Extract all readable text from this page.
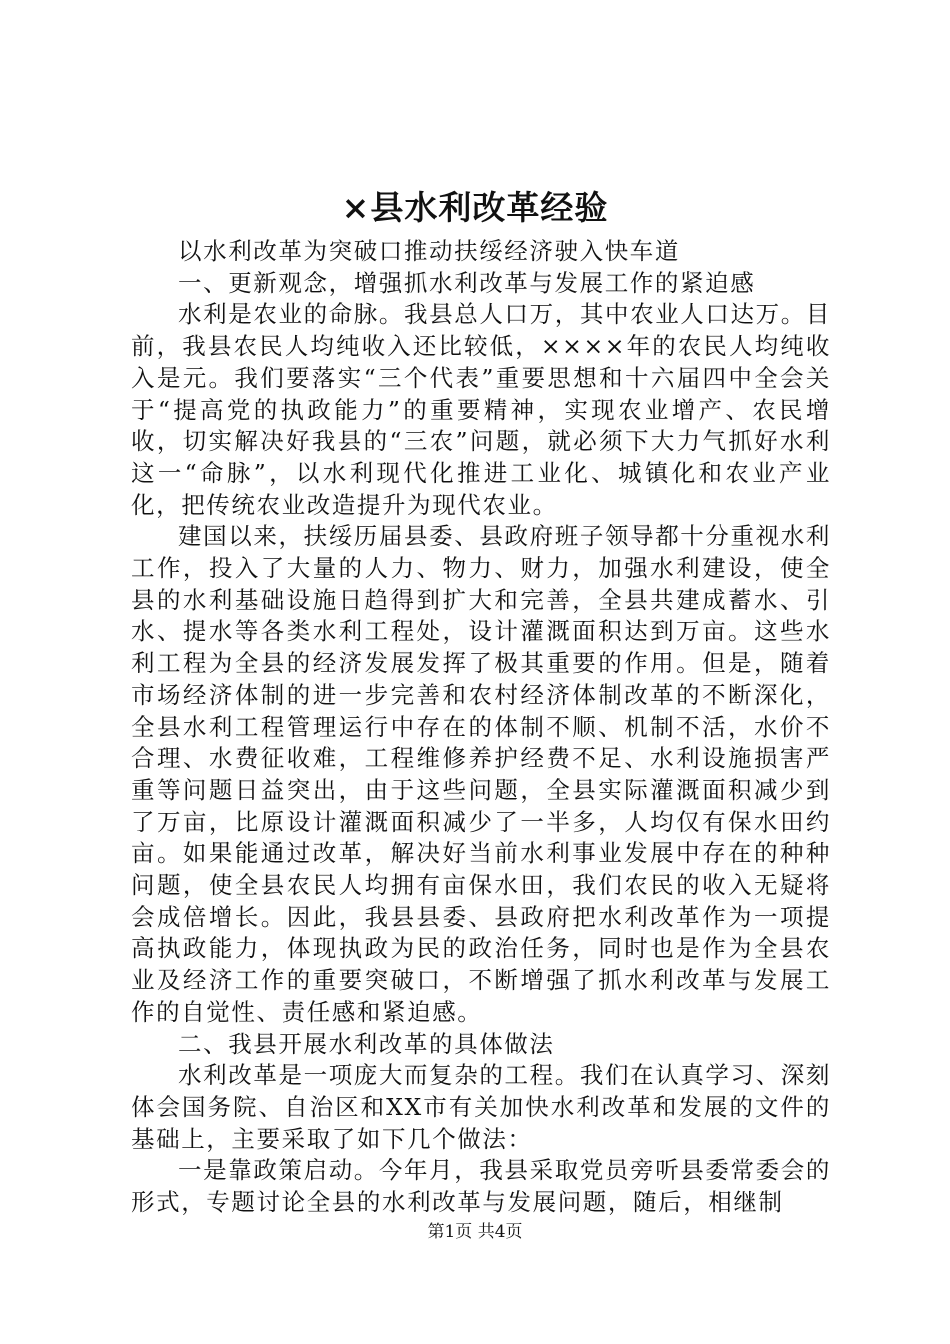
×县水利改革经验

以水利改革为突破口推动扶绥经济驶入快车道

一、更新观念，增强抓水利改革与发展工作的紧迫感

水利是农业的命脉。我县总人口万，其中农业人口达万。目前，我县农民人均纯收入还比较低，××××年的农民人均纯收入是元。我们要落实“三个代表”重要思想和十六届四中全会关于“提高党的执政能力”的重要精神，实现农业增产、农民增收，切实解决好我县的“三农”问题，就必须下大力气抓好水利这一“命脉”，以水利现代化推进工业化、城镇化和农业产业化，把传统农业改造提升为现代农业。

建国以来，扶绥历届县委、县政府班子领导都十分重视水利工作，投入了大量的人力、物力、财力，加强水利建设，使全县的水利基础设施日趋得到扩大和完善，全县共建成蓄水、引水、提水等各类水利工程处，设计灌溉面积达到万亩。这些水利工程为全县的经济发展发挥了极其重要的作用。但是，随着市场经济体制的进一步完善和农村经济体制改革的不断深化，全县水利工程管理运行中存在的体制不顺、机制不活，水价不合理、水费征收难，工程维修养护经费不足、水利设施损害严重等问题日益突出，由于这些问题，全县实际灌溉面积减少到了万亩，比原设计灌溉面积减少了一半多，人均仅有保水田约亩。如果能通过改革，解决好当前水利事业发展中存在的种种问题，使全县农民人均拥有亩保水田，我们农民的收入无疑将会成倍增长。因此，我县县委、县政府把水利改革作为一项提高执政能力，体现执政为民的政治任务，同时也是作为全县农业及经济工作的重要突破口，不断增强了抓水利改革与发展工作的自觉性、责任感和紧迫感。

二、我县开展水利改革的具体做法

水利改革是一项庞大而复杂的工程。我们在认真学习、深刻体会国务院、自治区和XX市有关加快水利改革和发展的文件的基础上，主要采取了如下几个做法：

一是靠政策启动。今年月，我县采取党员旁听县委常委会的形式，专题讨论全县的水利改革与发展问题，随后，相继制

第1页 共4页
